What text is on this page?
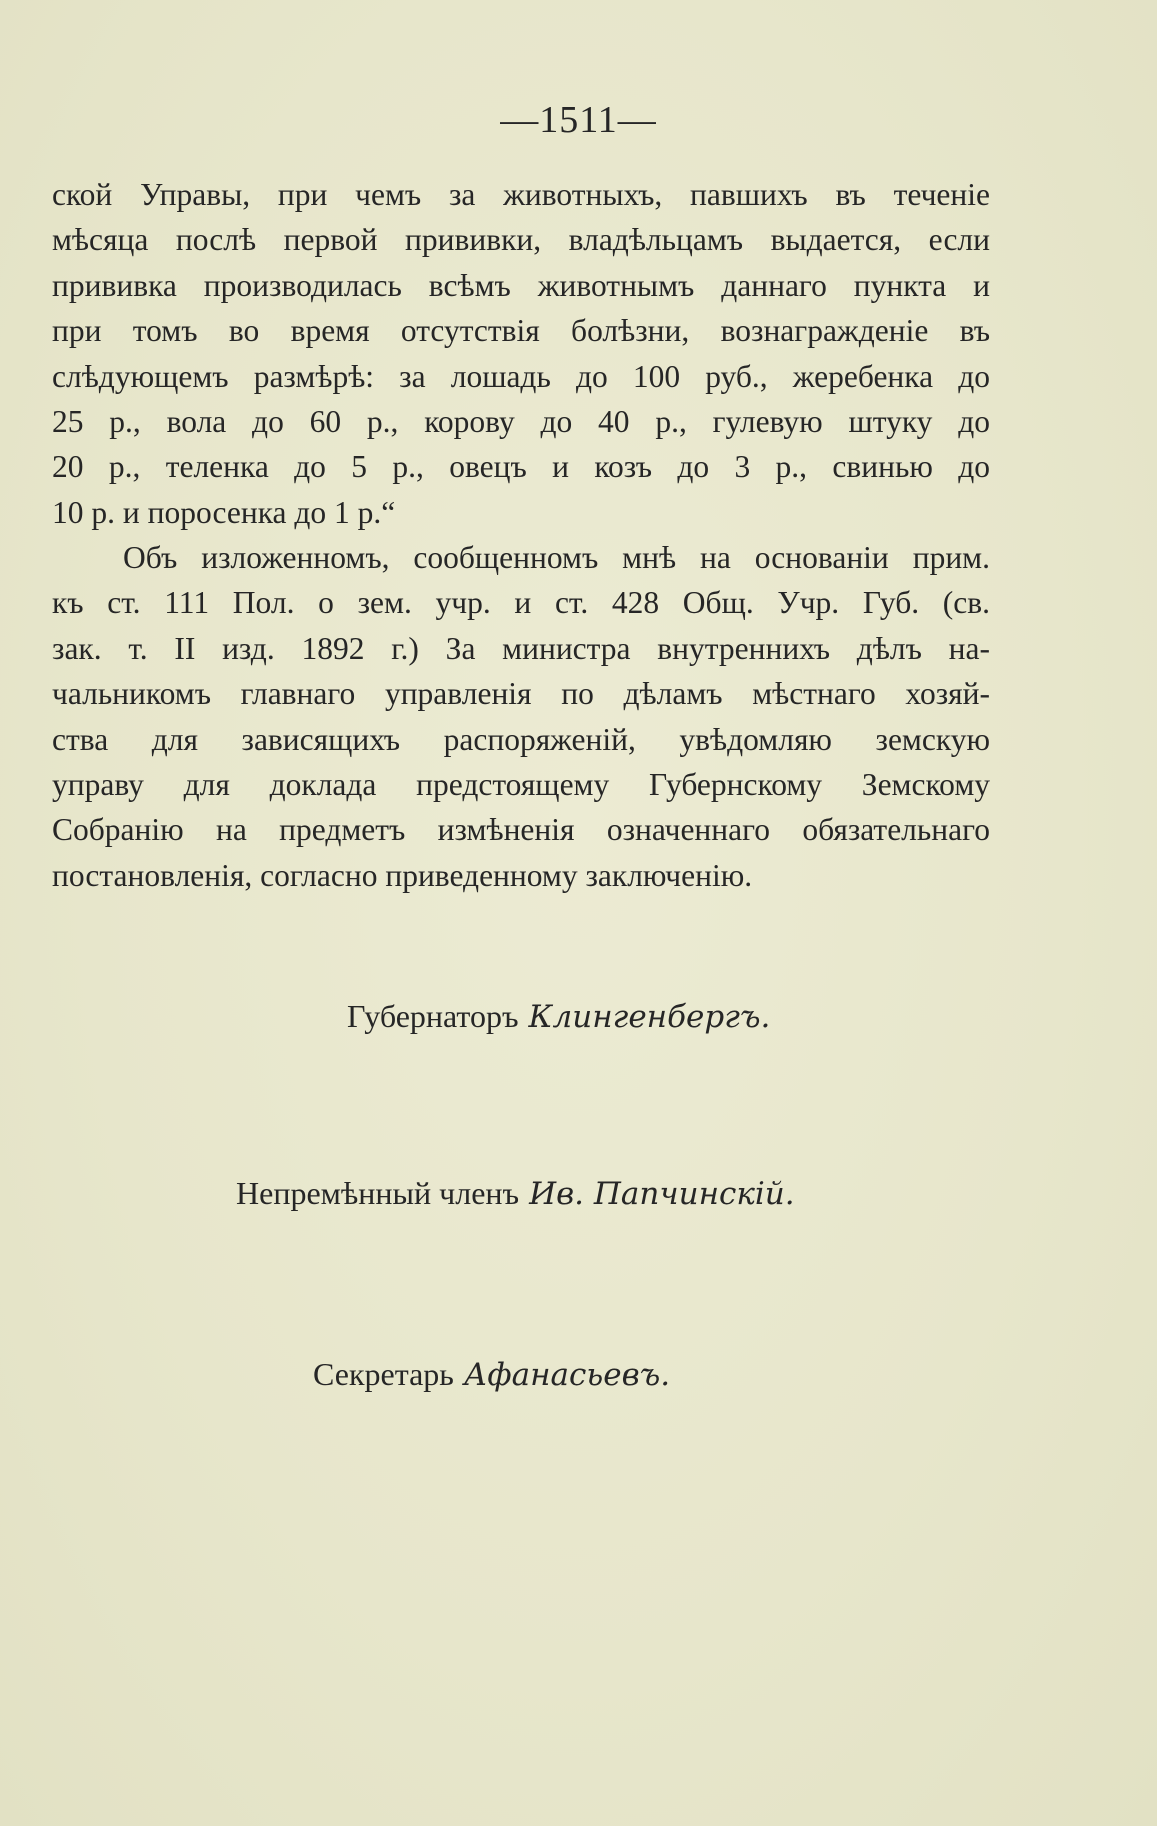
—1511—
ской Управы, при чемъ за животныхъ, павшихъ въ теченіе
мѣсяца послѣ первой прививки, владѣльцамъ выдается, если
прививка производилась всѣмъ животнымъ даннаго пункта и
при томъ во время отсутствія болѣзни, вознагражденіе въ
слѣдующемъ размѣрѣ: за лошадь до 100 руб., жеребенка до
25 р., вола до 60 р., корову до 40 р., гулевую штуку до
20 р., теленка до 5 р., овецъ и козъ до 3 р., свинью до
10 р. и поросенка до 1 р.“
Объ изложенномъ, сообщенномъ мнѣ на основаніи прим.
къ ст. 111 Пол. о зем. учр. и ст. 428 Общ. Учр. Губ. (св.
зак. т. II изд. 1892 г.) За министра внутреннихъ дѣлъ на-
чальникомъ главнаго управленія по дѣламъ мѣстнаго хозяй-
ства для зависящихъ распоряженій, увѣдомляю земскую
управу для доклада предстоящему Губернскому Земскому
Собранію на предметъ измѣненія означеннаго обязательнаго
постановленія, согласно приведенному заключенію.
Губернаторъ Клингенбергъ.
Непремѣнный членъ Ив. Папчинскій.
Секретарь Афанасьевъ.
